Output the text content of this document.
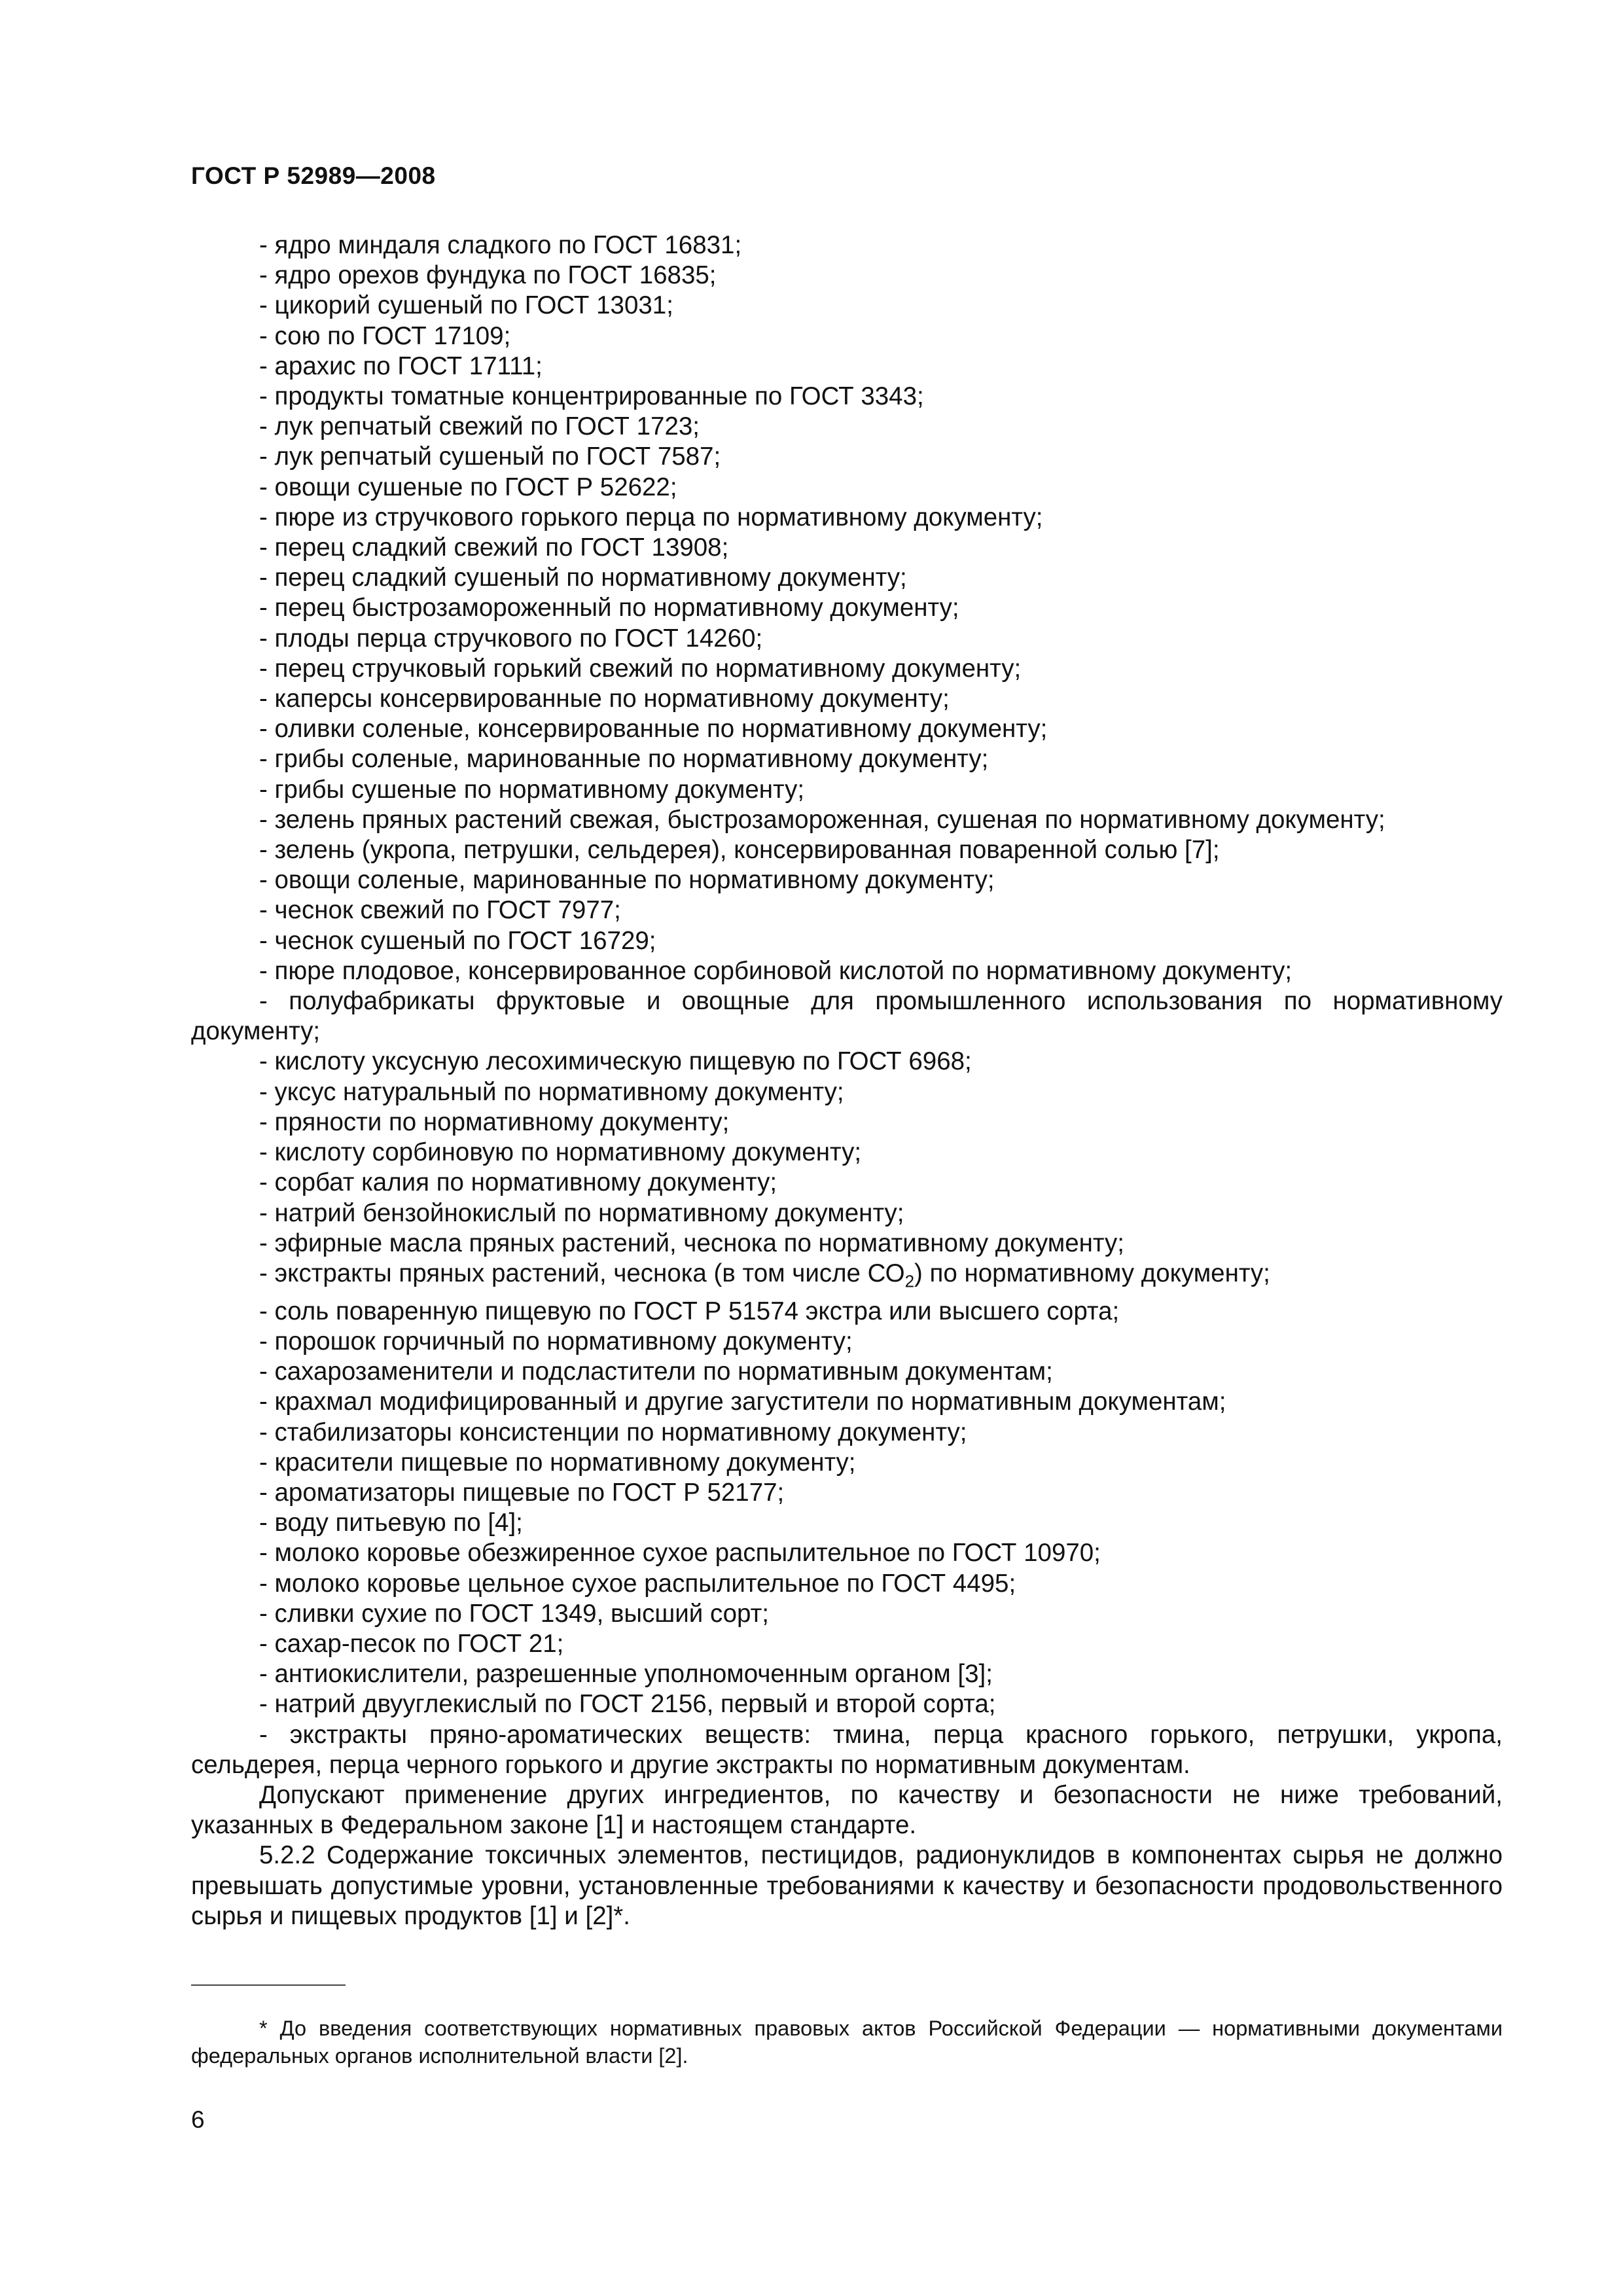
ГОСТ Р 52989—2008
- ядро миндаля сладкого по ГОСТ 16831;
- ядро орехов фундука по ГОСТ 16835;
- цикорий сушеный по ГОСТ 13031;
- сою по ГОСТ 17109;
- арахис по ГОСТ 17111;
- продукты томатные концентрированные по ГОСТ 3343;
- лук репчатый свежий по ГОСТ 1723;
- лук репчатый сушеный по ГОСТ 7587;
- овощи сушеные по ГОСТ Р 52622;
- пюре из стручкового горького перца по нормативному документу;
- перец сладкий свежий по ГОСТ 13908;
- перец сладкий сушеный по нормативному документу;
- перец быстрозамороженный по нормативному документу;
- плоды перца стручкового по ГОСТ 14260;
- перец стручковый горький свежий по нормативному документу;
- каперсы консервированные по нормативному документу;
- оливки соленые, консервированные по нормативному документу;
- грибы соленые, маринованные по нормативному документу;
- грибы сушеные по нормативному документу;
- зелень пряных растений свежая, быстрозамороженная, сушеная по нормативному документу;
- зелень (укропа, петрушки, сельдерея), консервированная поваренной солью [7];
- овощи соленые, маринованные по нормативному документу;
- чеснок свежий по ГОСТ 7977;
- чеснок сушеный по ГОСТ 16729;
- пюре плодовое, консервированное сорбиновой кислотой по нормативному документу;
- полуфабрикаты фруктовые и овощные для промышленного использования по нормативному документу;
- кислоту уксусную лесохимическую пищевую по ГОСТ 6968;
- уксус натуральный по нормативному документу;
- пряности по нормативному документу;
- кислоту сорбиновую по нормативному документу;
- сорбат калия по нормативному документу;
- натрий бензойнокислый по нормативному документу;
- эфирные масла пряных растений, чеснока по нормативному документу;
- экстракты пряных растений, чеснока (в том числе $СО_2$) по нормативному документу;
- соль поваренную пищевую по ГОСТ Р 51574 экстра или высшего сорта;
- порошок горчичный по нормативному документу;
- сахарозаменители и подсластители по нормативным документам;
- крахмал модифицированный и другие загустители по нормативным документам;
- стабилизаторы консистенции по нормативному документу;
- красители пищевые по нормативному документу;
- ароматизаторы пищевые по ГОСТ Р 52177;
- воду питьевую по [4];
- молоко коровье обезжиренное сухое распылительное по ГОСТ 10970;
- молоко коровье цельное сухое распылительное по ГОСТ 4495;
- сливки сухие по ГОСТ 1349, высший сорт;
- сахар-песок по ГОСТ 21;
- антиокислители, разрешенные уполномоченным органом [3];
- натрий двууглекислый по ГОСТ 2156, первый и второй сорта;
- экстракты пряно-ароматических веществ: тмина, перца красного горького, петрушки, укропа, сельдерея, перца черного горького и другие экстракты по нормативным документам.
Допускают применение других ингредиентов, по качеству и безопасности не ниже требований, указанных в Федеральном законе [1] и настоящем стандарте.
5.2.2 Содержание токсичных элементов, пестицидов, радионуклидов в компонентах сырья не должно превышать допустимые уровни, установленные требованиями к качеству и безопасности продовольственного сырья и пищевых продуктов [1] и [2]*.
* До введения соответствующих нормативных правовых актов Российской Федерации — нормативными документами федеральных органов исполнительной власти [2].
6
